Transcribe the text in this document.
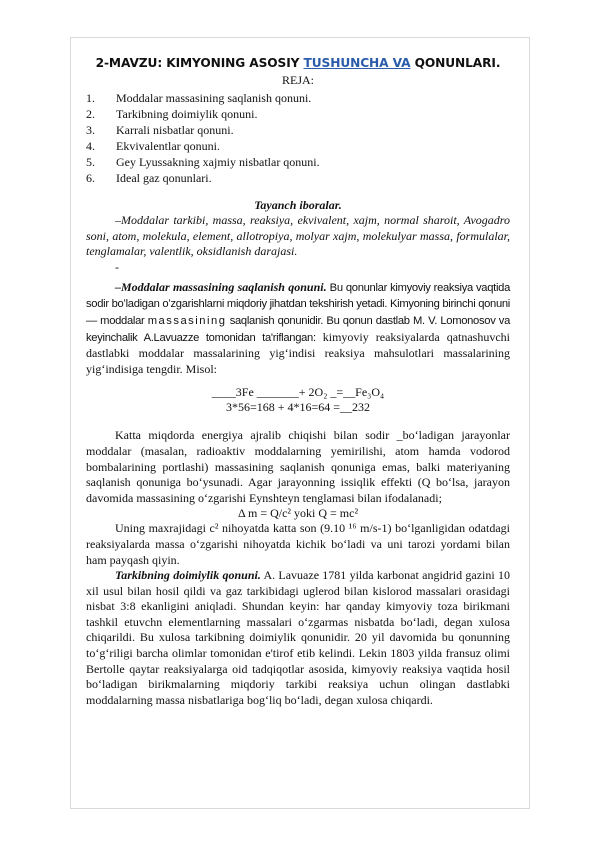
2-MAVZU: KIMYONING ASOSIY TUSHUNCHA VA QONUNLARI.
REJA:
1.	Moddalar massasining saqlanish qonuni.
2.	Tarkibning doimiylik qonuni.
3.	Karrali nisbatlar qonuni.
4.	Ekvivalentlar qonuni.
5.	Gey Lyussakning xajmiy nisbatlar qonuni.
6.	Ideal gaz qonunlari.
Tayanch iboralar.

–Moddalar tarkibi, massa, reaksiya, ekvivalent, xajm, normal sharoit, Avogadro soni, atom, molekula, element, allotropiya, molyar xajm, molekulyar massa, formulalar, tenglamalar, valentlik, oksidlanish darajasi.

-

–Moddalar massasining saqlanish qonuni. Bu qonunlar kimyoviy reaksiya vaqtida sodir boʻladigan oʻzgarishlarni miqdoriy jihatdan tekshirish yetadi. Kimyoning birinchi qonuni — moddalar massasining saqlanish qonunidir. Bu qonun dastlab M. V. Lomonosov va keyinchalik A.Lavuazze tomonidan ta'riflangan: kimyoviy reaksiyalarda qatnashuvchi dastlabki moddalar massalarining yigʻindisi reaksiya mahsulotlari massalarining yigʻindisiga tengdir. Misol:

____3Fe _______+ 2O₂ _=__Fe₃O₄
3*56=168 + 4*16=64 =__232

Katta miqdorda energiya ajralib chiqishi bilan sodir _boʻladigan jarayonlar moddalar (masalan, radioaktiv moddalarning yemirilishi, atom hamda vodorod bombalarining portlashi) massasining saqlanish qonuniga emas, balki materiyaning saqlanish qonuniga boʻysunadi. Agar jarayonning issiqlik effekti (Q boʻlsa, jarayon davomida massasining oʻzgarishi Eynshteyn tenglamasi bilan ifodalanadi;

Δ m = Q/c² yoki Q = mc²

Uning maxrajidagi c² nihoyatda katta son (9.10 ¹⁶ m/s-1) boʻlganligidan odatdagi reaksiyalarda massa oʻzgarishi nihoyatda kichik boʻladi va uni tarozi yordami bilan ham payqash qiyin.

Tarkibning doimiylik qonuni. A. Lavuaze 1781 yilda karbonat angidrid gazini 10 xil usul bilan hosil qildi va gaz tarkibidagi uglerod bilan kislorod massalari orasidagi nisbat 3:8 ekanligini aniqladi. Shundan keyin: har qanday kimyoviy toza birikmani tashkil etuvchn elementlarning massalari oʻzgarmas nisbatda boʻladi, degan xulosa chiqarildi. Bu xulosa tarkibning doimiylik qonunidir. 20 yil davomida bu qonunning toʻgʻriligi barcha olimlar tomonidan e'tirof etib kelindi. Lekin 1803 yilda fransuz olimi Bertolle qaytar reaksiyalarga oid tadqiqotlar asosida, kimyoviy reaksiya vaqtida hosil boʻladigan birikmalarning miqdoriy tarkibi reaksiya uchun olingan dastlabki moddalarning massa nisbatlariga bogʻliq boʻladi, degan xulosa chiqardi.
